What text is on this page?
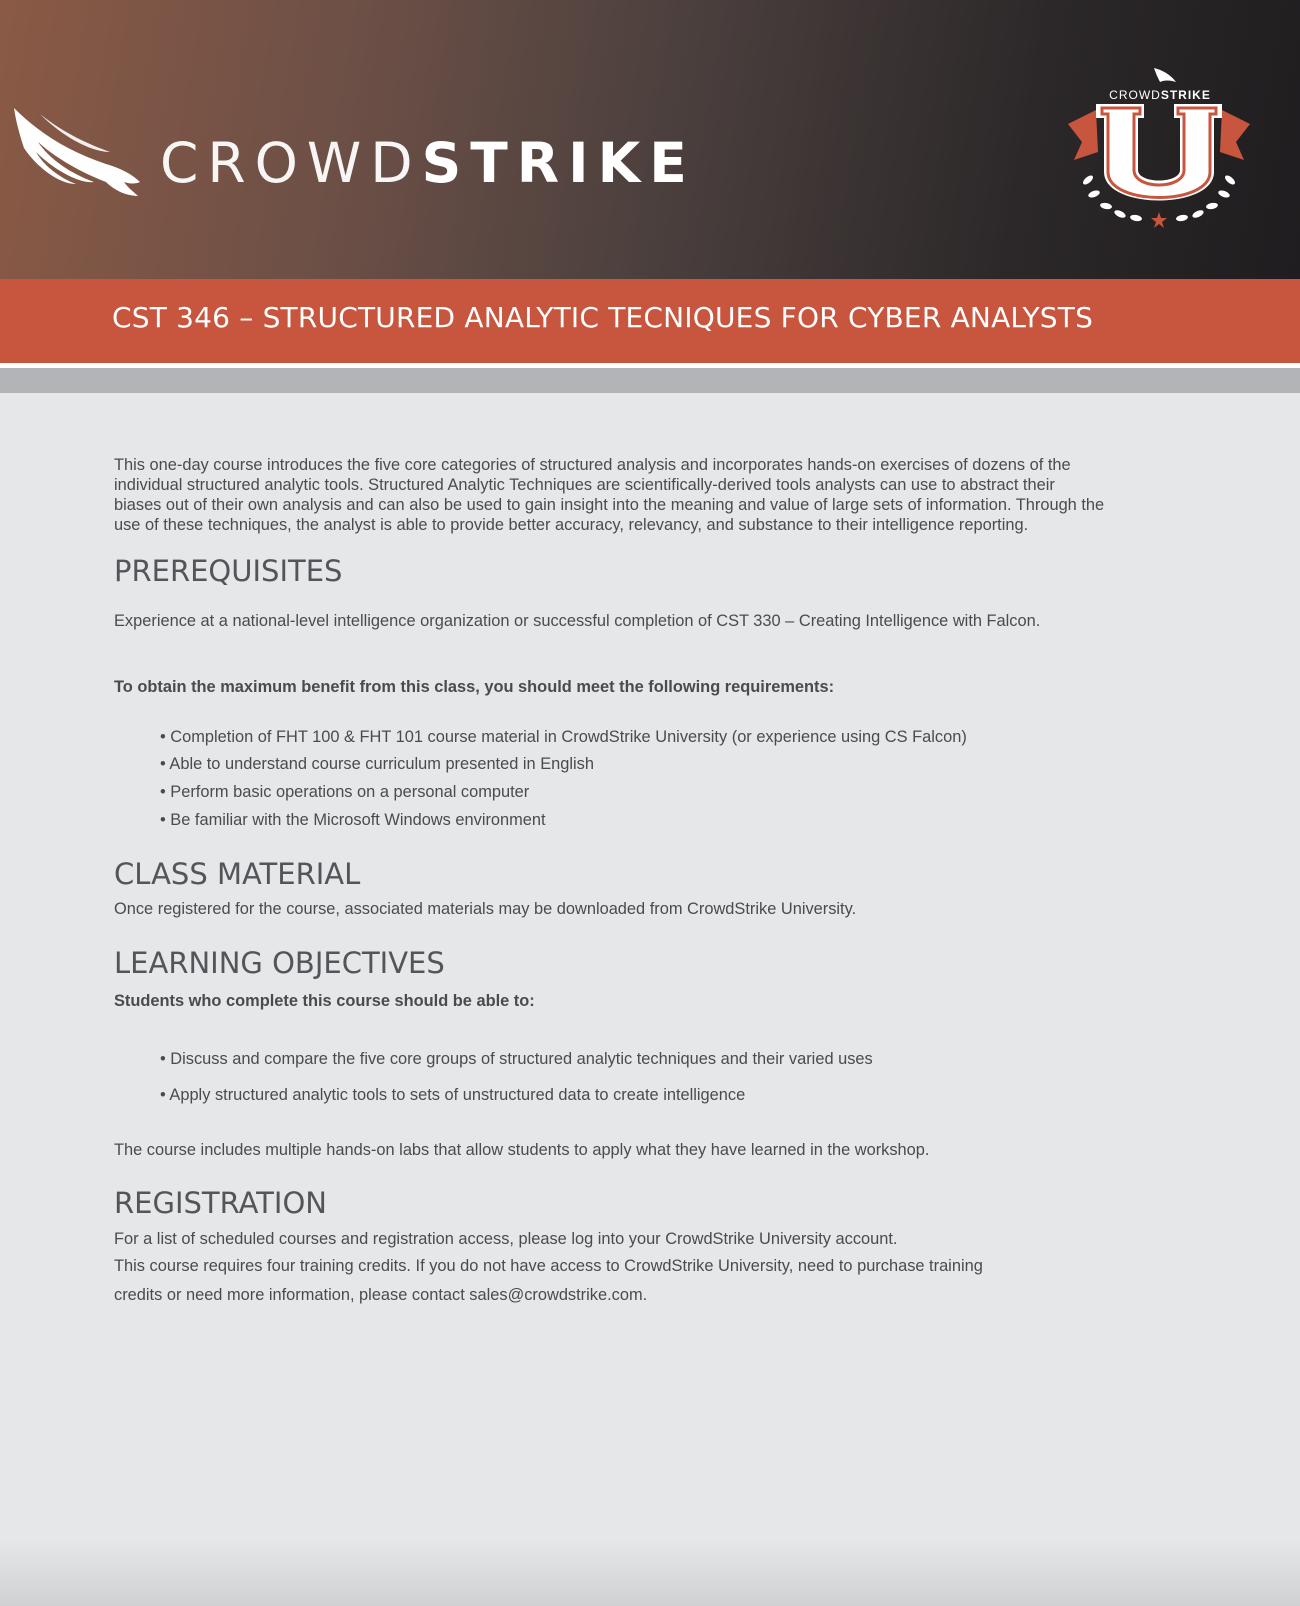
CROWDSTRIKE
CROWDSTRIKE
CST 346 – STRUCTURED ANALYTIC TECNIQUES FOR CYBER ANALYSTS
This one-day course introduces the five core categories of structured analysis and incorporates hands-on exercises of dozens of the
individual structured analytic tools. Structured Analytic Techniques are scientifically-derived tools analysts can use to abstract their
biases out of their own analysis and can also be used to gain insight into the meaning and value of large sets of information. Through the
use of these techniques, the analyst is able to provide better accuracy, relevancy, and substance to their intelligence reporting.
PREREQUISITES
Experience at a national-level intelligence organization or successful completion of CST 330 – Creating Intelligence with Falcon.
To obtain the maximum benefit from this class, you should meet the following requirements:
• Completion of FHT 100 & FHT 101 course material in CrowdStrike University (or experience using CS Falcon)
• Able to understand course curriculum presented in English
• Perform basic operations on a personal computer
• Be familiar with the Microsoft Windows environment
CLASS MATERIAL
Once registered for the course, associated materials may be downloaded from CrowdStrike University.
LEARNING OBJECTIVES
Students who complete this course should be able to:
• Discuss and compare the five core groups of structured analytic techniques and their varied uses
• Apply structured analytic tools to sets of unstructured data to create intelligence
The course includes multiple hands-on labs that allow students to apply what they have learned in the workshop.
REGISTRATION
For a list of scheduled courses and registration access, please log into your CrowdStrike University account.
This course requires four training credits. If you do not have access to CrowdStrike University, need to purchase training
credits or need more information, please contact sales@crowdstrike.com.
